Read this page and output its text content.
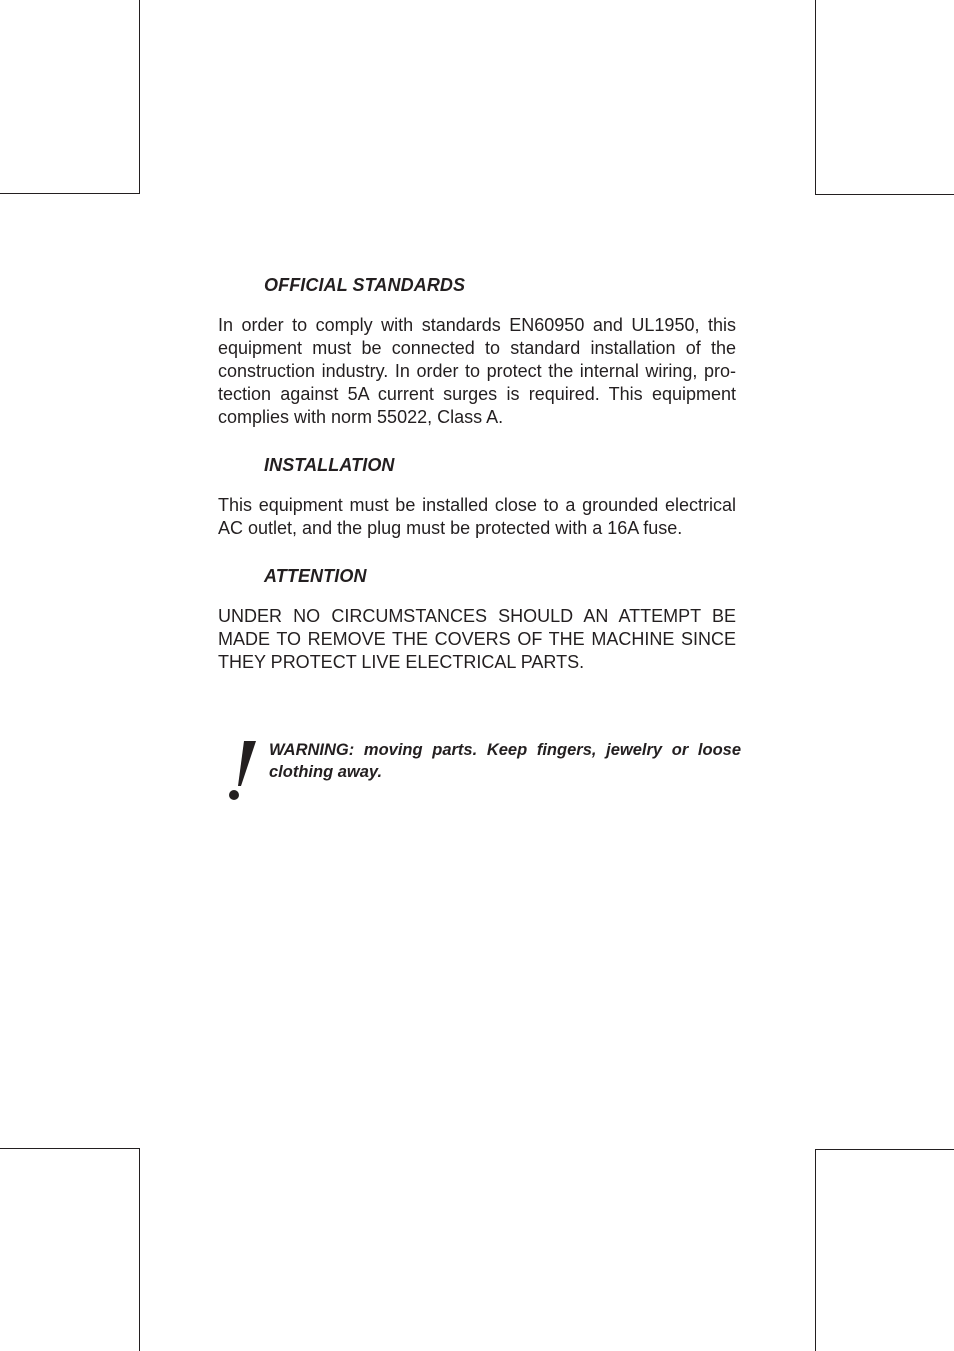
OFFICIAL STANDARDS
In order to comply with standards EN60950 and UL1950, this
equipment must be connected to standard installation of the
construction industry. In order to protect the internal wiring, pro-
tection against 5A current surges is required. This equipment
complies with norm 55022, Class A.
INSTALLATION
This equipment must be installed close to a grounded electrical
AC outlet, and the plug must be protected with a 16A fuse.
ATTENTION
UNDER NO CIRCUMSTANCES SHOULD AN ATTEMPT BE
MADE TO REMOVE THE COVERS OF THE MACHINE SINCE
THEY PROTECT LIVE ELECTRICAL PARTS.
WARNING: moving parts. Keep fingers, jewelry or loose
clothing away.
